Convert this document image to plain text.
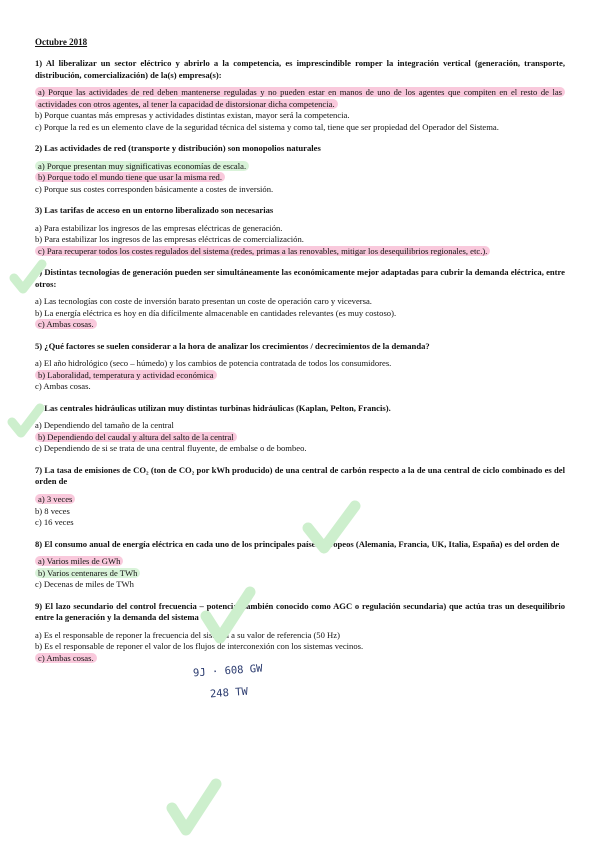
Octubre 2018
1) Al liberalizar un sector eléctrico y abrirlo a la competencia, es imprescindible romper la integración vertical (generación, transporte, distribución, comercialización) de la(s) empresa(s):
a) Porque las actividades de red deben mantenerse reguladas y no pueden estar en manos de uno de los agentes que compiten en el resto de las actividades con otros agentes, al tener la capacidad de distorsionar dicha competencia.
b) Porque cuantas más empresas y actividades distintas existan, mayor será la competencia.
c) Porque la red es un elemento clave de la seguridad técnica del sistema y como tal, tiene que ser propiedad del Operador del Sistema.
2) Las actividades de red (transporte y distribución) son monopolios naturales
a) Porque presentan muy significativas economías de escala.
b) Porque todo el mundo tiene que usar la misma red.
c) Porque sus costes corresponden básicamente a costes de inversión.
3) Las tarifas de acceso en un entorno liberalizado son necesarias
a) Para estabilizar los ingresos de las empresas eléctricas de generación.
b) Para estabilizar los ingresos de las empresas eléctricas de comercialización.
c) Para recuperar todos los costes regulados del sistema (redes, primas a las renovables, mitigar los desequilibrios regionales, etc.).
4) Distintas tecnologías de generación pueden ser simultáneamente las económicamente mejor adaptadas para cubrir la demanda eléctrica, entre otros:
a) Las tecnologías con coste de inversión barato presentan un coste de operación caro y viceversa.
b) La energía eléctrica es hoy en día difícilmente almacenable en cantidades relevantes (es muy costoso).
c) Ambas cosas.
5) ¿Qué factores se suelen considerar a la hora de analizar los crecimientos / decrecimientos de la demanda?
a) El año hidrológico (seco – húmedo) y los cambios de potencia contratada de todos los consumidores.
b) Laboralidad, temperatura y actividad económica
c) Ambas cosas.
6) Las centrales hidráulicas utilizan muy distintas turbinas hidráulicas (Kaplan, Pelton, Francis).
a) Dependiendo del tamaño de la central
b) Dependiendo del caudal y altura del salto de la central
c) Dependiendo de si se trata de una central fluyente, de embalse o de bombeo.
7) La tasa de emisiones de CO₂ (ton de CO₂ por kWh producido) de una central de carbón respecto a la de una central de ciclo combinado es del orden de
a) 3 veces
b) 8 veces
c) 16 veces
8) El consumo anual de energía eléctrica en cada uno de los principales países europeos (Alemania, Francia, UK, Italia, España) es del orden de
a) Varios miles de GWh
b) Varios centenares de TWh
c) Decenas de miles de TWh
9) El lazo secundario del control frecuencia – potencia (también conocido como AGC o regulación secundaria) que actúa tras un desequilibrio entre la generación y la demanda del sistema
a) Es el responsable de reponer la frecuencia del sistema a su valor de referencia (50 Hz)
b) Es el responsable de reponer el valor de los flujos de interconexión con los sistemas vecinos.
c) Ambas cosas.
9J · 608 GW
248 TW
